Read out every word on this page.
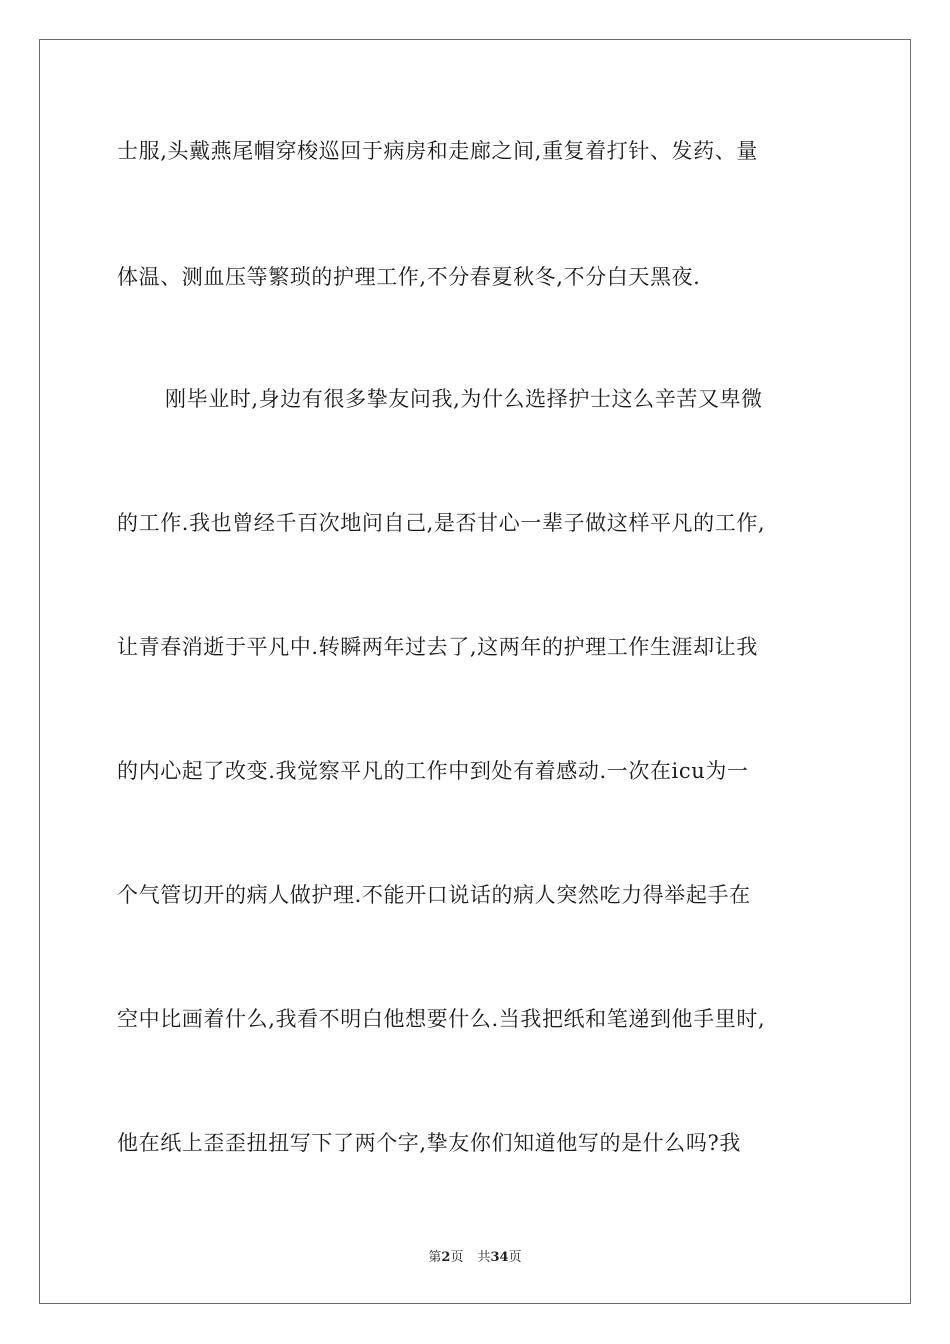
士服,头戴燕尾帽穿梭巡回于病房和走廊之间,重复着打针、发药、量
体温、测血压等繁琐的护理工作,不分春夏秋冬,不分白天黑夜.
刚毕业时,身边有很多挚友问我,为什么选择护士这么辛苦又卑微
的工作.我也曾经千百次地问自己,是否甘心一辈子做这样平凡的工作,
让青春消逝于平凡中.转瞬两年过去了,这两年的护理工作生涯却让我
的内心起了改变.我觉察平凡的工作中到处有着感动.一次在icu为一
个气管切开的病人做护理.不能开口说话的病人突然吃力得举起手在
空中比画着什么,我看不明白他想要什么.当我把纸和笔递到他手里时,
他在纸上歪歪扭扭写下了两个字,挚友你们知道他写的是什么吗?我
第2页 共34页
